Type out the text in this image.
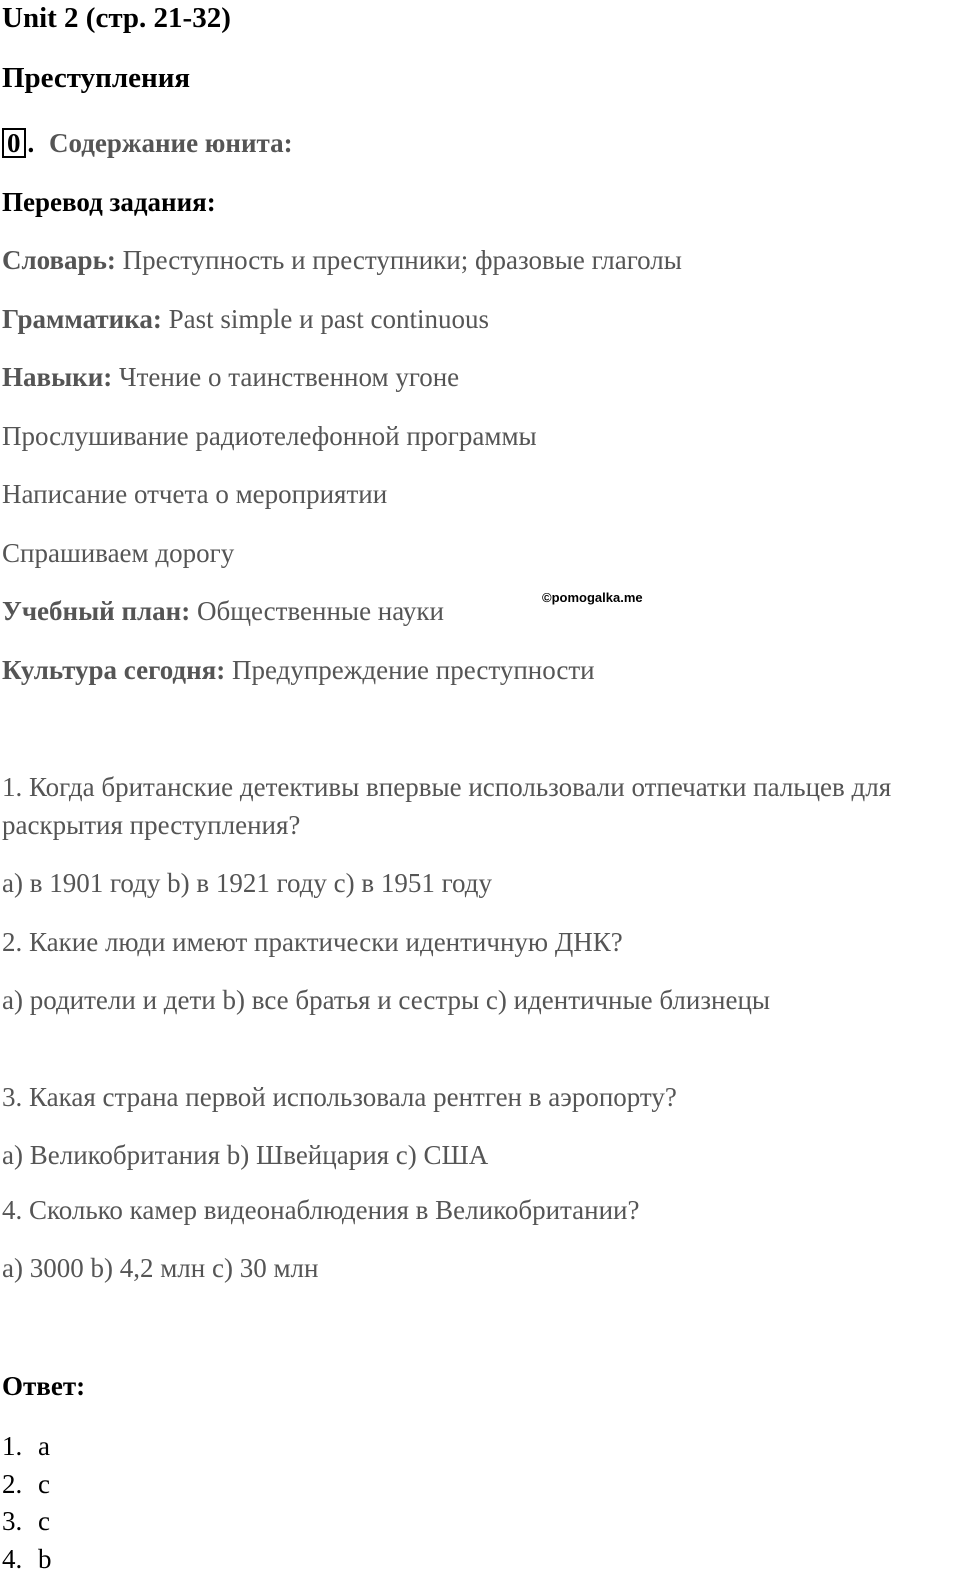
Unit 2 (стр. 21-32)
Преступления
0 . Содержание юнита:
Перевод задания:
Словарь: Преступность и преступники; фразовые глаголы
Грамматика: Past simple и past continuous
Навыки: Чтение о таинственном угоне
Прослушивание радиотелефонной программы
Написание отчета о мероприятии
Спрашиваем дорогу
Учебный план: Общественные науки
Культура сегодня: Предупреждение преступности
©pomogalka.me
1. Когда британские детективы впервые использовали отпечатки пальцев для
раскрытия преступления?
a) в 1901 году b) в 1921 году c) в 1951 году
2. Какие люди имеют практически идентичную ДНК?
a) родители и дети b) все братья и сестры c) идентичные близнецы
3. Какая страна первой использовала рентген в аэропорту?
a) Великобритания b) Швейцария c) США
4. Сколько камер видеонаблюдения в Великобритании?
a) 3000 b) 4,2 млн c) 30 млн
Ответ:
1. a
2. c
3. c
4. b
